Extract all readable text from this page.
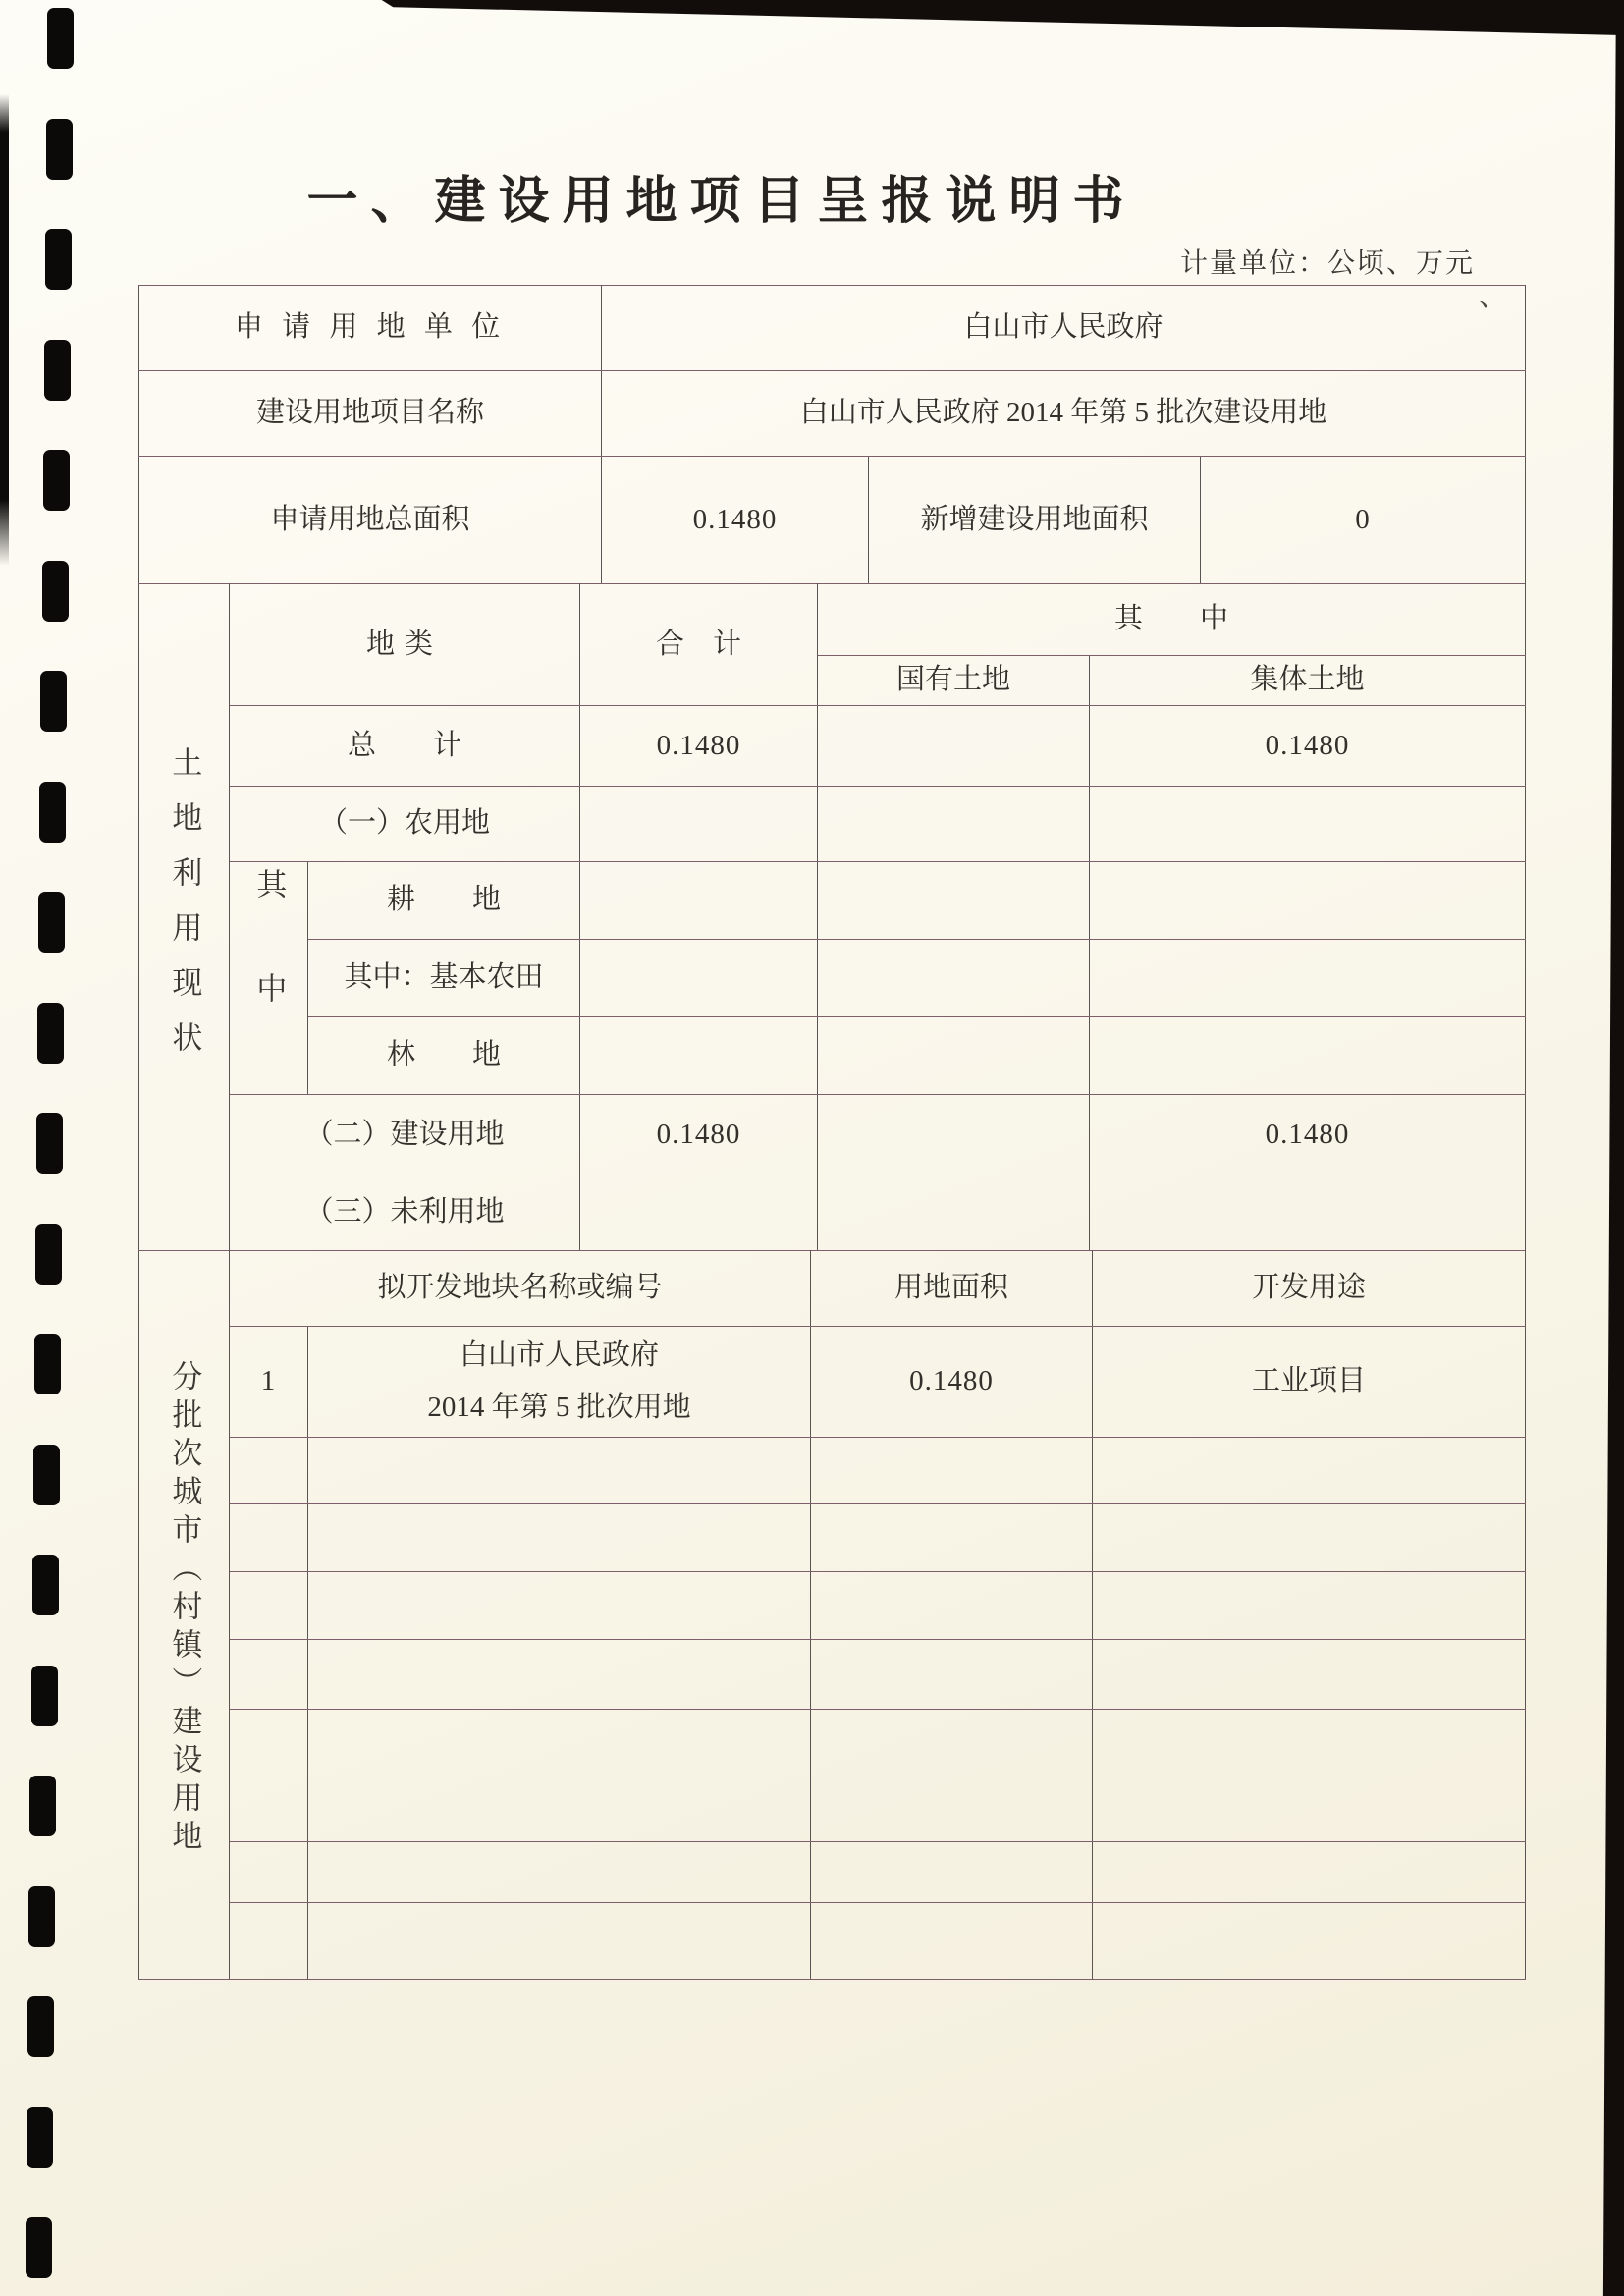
一、建设用地项目呈报说明书
计量单位：公顷、万元
、
申 请 用 地 单 位	白山市人民政府		
建设用地项目名称	白山市人民政府 2014 年第 5 批次建设用地		
申请用地总面积	0.1480	新增建设用地面积	0
土地利用现状	地类		合　计	其　　中	
				国有土地	集体土地
	总　　计		0.1480		0.1480
	（一）农用地				
	其中	耕　　地			
		其中：基本农田			
		林　　地			
	（二）建设用地		0.1480		0.1480
	（三）未利用地				
分批次城市（村镇）建设用地	拟开发地块名称或编号		用地面积	开发用途
	1	白山市人民政府
2014 年第 5 批次用地	0.1480	工业项目
